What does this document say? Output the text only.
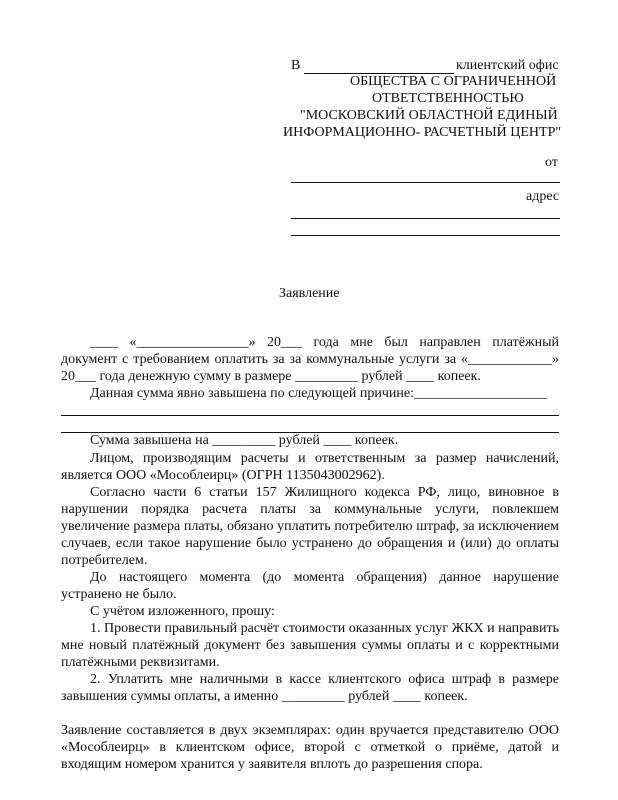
В	клиентский офис
ОБЩЕСТВА С ОГРАНИЧЕННОЙ
ОТВЕТСТВЕННОСТЬЮ
"МОСКОВСКИЙ ОБЛАСТНОЙ ЕДИНЫЙ
ИНФОРМАЦИОННО- РАСЧЕТНЫЙ ЦЕНТР"
от
адрес
Заявление
____ «________________» 20___ года мне был направлен платёжный
документ с требованием оплатить за за коммунальные услуги за «____________»
20___ года денежную сумму в размере _________ рублей ____ копеек.
Данная сумма явно завышена по следующей причине:___________________
Сумма завышена на _________ рублей ____ копеек.
Лицом, производящим расчеты и ответственным за размер начислений, является ООО «Мособлеирц» (ОГРН 1135043002962).
Согласно части 6 статьи 157 Жилищного кодекса РФ, лицо, виновное в нарушении порядка расчета платы за коммунальные услуги, повлекшем увеличение размера платы, обязано уплатить потребителю штраф, за исключением случаев, если такое нарушение было устранено до обращения и (или) до оплаты потребителем.
До настоящего момента (до момента обращения) данное нарушение устранено не было.
С учётом изложенного, прошу:
1. Провести правильный расчёт стоимости оказанных услуг ЖКХ и направить мне новый платёжный документ без завышения суммы оплаты и с корректными платёжными реквизитами.
2. Уплатить мне наличными в кассе клиентского офиса штраф в размере завышения суммы оплаты, а именно _________ рублей ____ копеек.
Заявление составляется в двух экземплярах: один вручается представителю ООО «Мособлеирц» в клиентском офисе, второй с отметкой о приёме, датой и входящим номером хранится у заявителя вплоть до разрешения спора.
